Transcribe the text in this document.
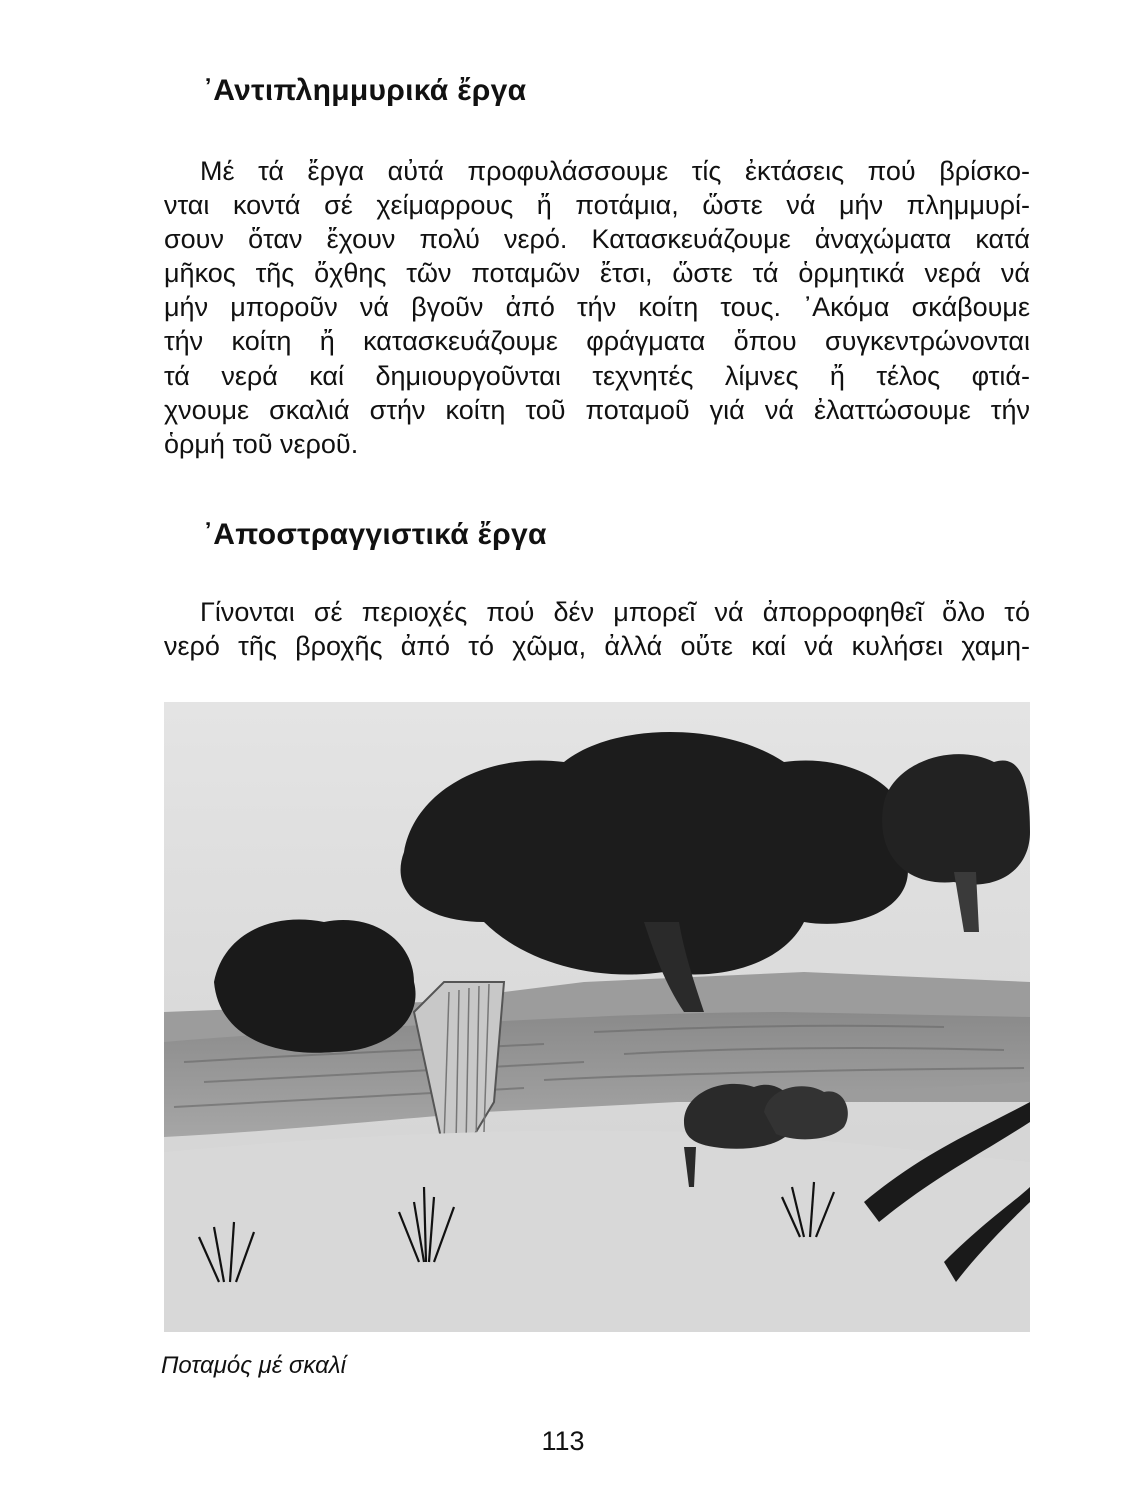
᾿Αντιπλημμυρικά ἔργα

Μέ τά ἔργα αὐτά προφυλάσσουμε τίς ἐκτάσεις πού βρίσκο-
νται κοντά σέ χείμαρρους ἤ ποτάμια, ὥστε νά μήν πλημμυρί-
σουν ὅταν ἔχουν πολύ νερό. Κατασκευάζουμε ἀναχώματα κατά
μῆκος τῆς ὄχθης τῶν ποταμῶν ἔτσι, ὥστε τά ὁρμητικά νερά νά
μήν μποροῦν νά βγοῦν ἀπό τήν κοίτη τους. ᾿Ακόμα σκάβουμε
τήν κοίτη ἤ κατασκευάζουμε φράγματα ὅπου συγκεντρώνονται
τά νερά καί δημιουργοῦνται τεχνητές λίμνες ἤ τέλος φτιά-
χνουμε σκαλιά στήν κοίτη τοῦ ποταμοῦ γιά νά ἐλαττώσουμε τήν
ὁρμή τοῦ νεροῦ.

᾿Αποστραγγιστικά ἔργα

Γίνονται σέ περιοχές πού δέν μπορεῖ νά ἀπορροφηθεῖ ὅλο τό
νερό τῆς βροχῆς ἀπό τό χῶμα, ἀλλά οὔτε καί νά κυλήσει χαμη-

Ποταμός μέ σκαλί
113
